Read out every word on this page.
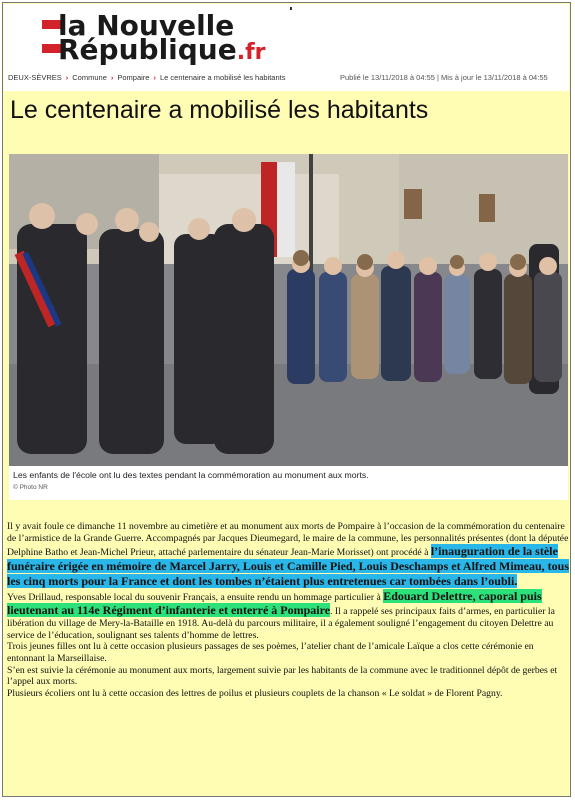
la Nouvelle
République.fr
DEUX-SÈVRES › Commune › Pompaire › Le centenaire a mobilisé les habitants	Publié le 13/11/2018 à 04:55 | Mis à jour le 13/11/2018 à 04:55
Le centenaire a mobilisé les habitants
Les enfants de l'école ont lu des textes pendant la commémoration au monument aux morts.
© Photo NR

Il y avait foule ce dimanche 11 novembre au cimetière et au monument aux morts de Pompaire à l’occasion de la commémoration du centenaire de l’armistice de la Grande Guerre. Accompagnés par Jacques Dieumegard, le maire de la commune, les personnalités présentes (dont la députée Delphine Batho et Jean-Michel Prieur, attaché parlementaire du sénateur Jean-Marie Morisset) ont procédé à l’inauguration de la stèle funéraire érigée en mémoire de Marcel Jarry, Louis et Camille Pied, Louis Deschamps et Alfred Mimeau, tous les cinq morts pour la France et dont les tombes n’étaient plus entretenues car tombées dans l’oubli.

Yves Drillaud, responsable local du souvenir Français, a ensuite rendu un hommage particulier à Edouard Delettre, caporal puis lieutenant au 114e Régiment d’infanterie et enterré à Pompaire. Il a rappelé ses principaux faits d’armes, en particulier la libération du village de Mery-la-Bataille en 1918. Au-delà du parcours militaire, il a également souligné l’engagement du citoyen Delettre au service de l’éducation, soulignant ses talents d’homme de lettres.

Trois jeunes filles ont lu à cette occasion plusieurs passages de ses poèmes, l’atelier chant de l’amicale Laïque a clos cette cérémonie en entonnant la Marseillaise.

S’en est suivie la cérémonie au monument aux morts, largement suivie par les habitants de la commune avec le traditionnel dépôt de gerbes et l’appel aux morts.

Plusieurs écoliers ont lu à cette occasion des lettres de poilus et plusieurs couplets de la chanson « Le soldat » de Florent Pagny.
